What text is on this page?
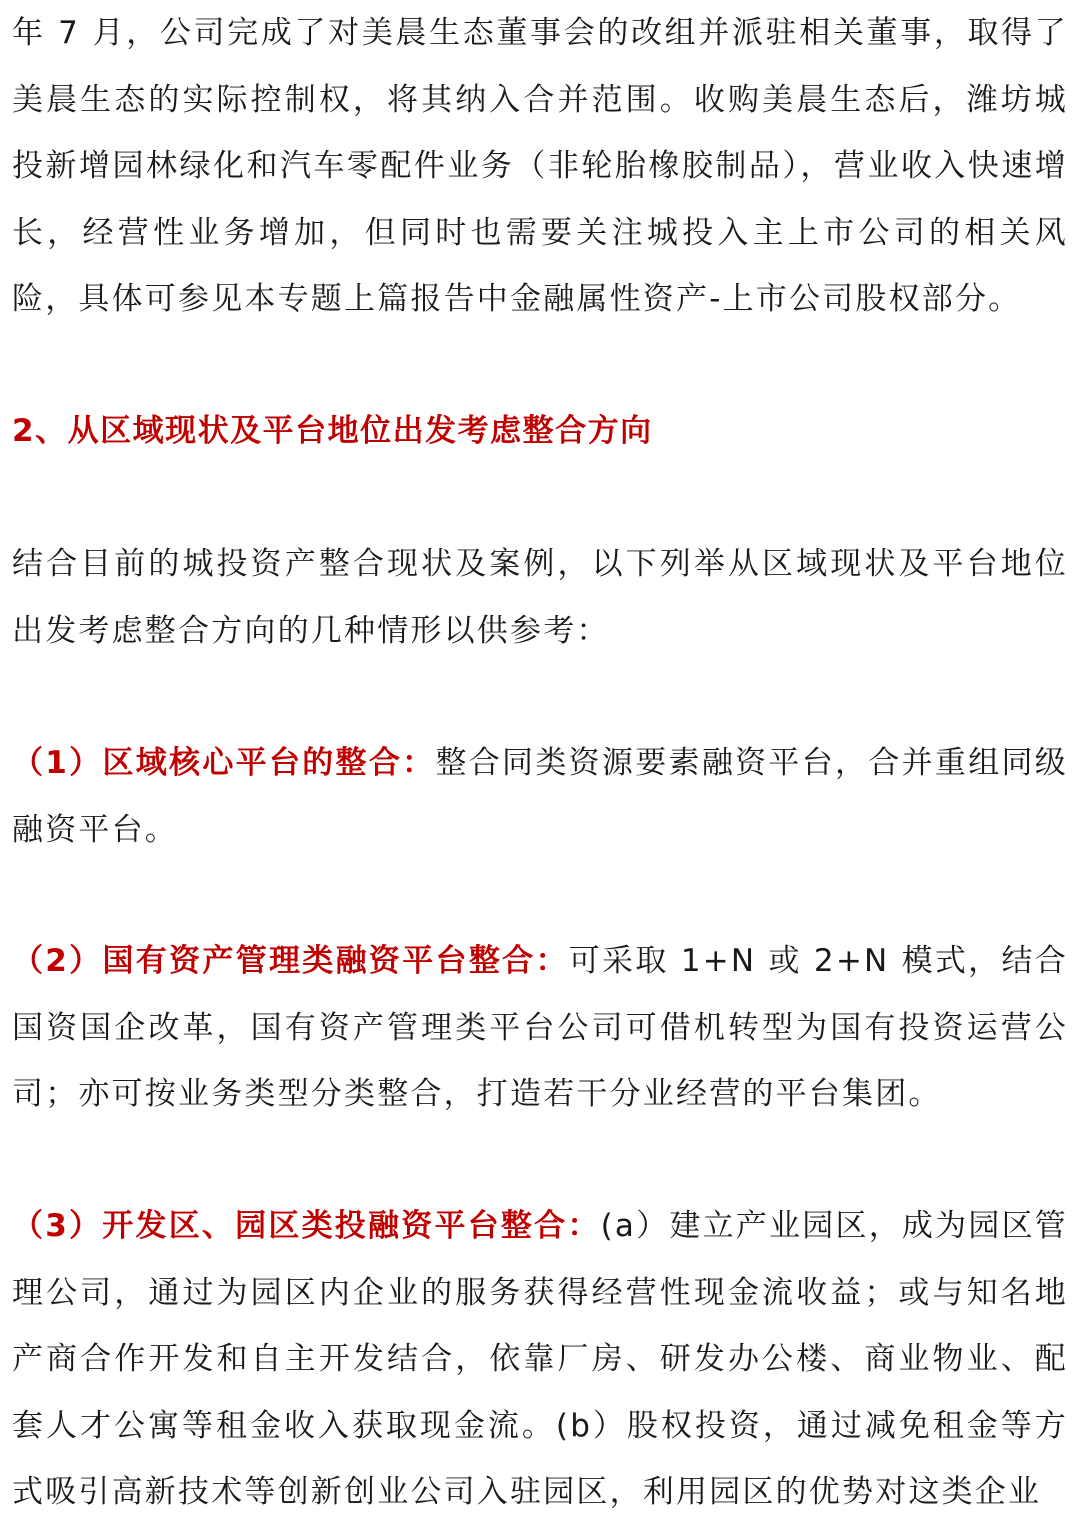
年 7 月，公司完成了对美晨生态董事会的改组并派驻相关董事，取得了美晨生态的实际控制权，将其纳入合并范围。收购美晨生态后，潍坊城投新增园林绿化和汽车零配件业务（非轮胎橡胶制品），营业收入快速增长，经营性业务增加，但同时也需要关注城投入主上市公司的相关风险，具体可参见本专题上篇报告中金融属性资产-上市公司股权部分。

2、从区域现状及平台地位出发考虑整合方向

结合目前的城投资产整合现状及案例，以下列举从区域现状及平台地位出发考虑整合方向的几种情形以供参考：

（1）区域核心平台的整合：整合同类资源要素融资平台，合并重组同级融资平台。

（2）国有资产管理类融资平台整合：可采取 1+N 或 2+N 模式，结合国资国企改革，国有资产管理类平台公司可借机转型为国有投资运营公司；亦可按业务类型分类整合，打造若干分业经营的平台集团。

（3）开发区、园区类投融资平台整合：(a）建立产业园区，成为园区管理公司，通过为园区内企业的服务获得经营性现金流收益；或与知名地产商合作开发和自主开发结合，依靠厂房、研发办公楼、商业物业、配套人才公寓等租金收入获取现金流。(b）股权投资，通过减免租金等方式吸引高新技术等创新创业公司入驻园区，利用园区的优势对这类企业
